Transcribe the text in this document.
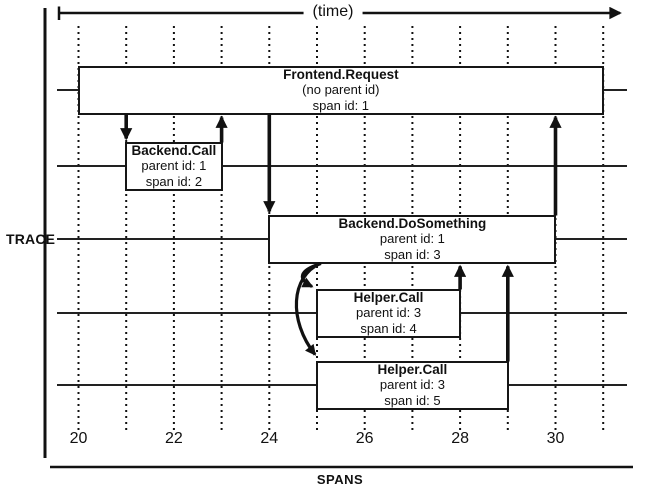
Frontend.Request
(no parent id)
span id: 1
Backend.Call
parent id: 1
span id: 2
Backend.DoSomething
parent id: 1
span id: 3
Helper.Call
parent id: 3
span id: 4
Helper.Call
parent id: 3
span id: 5
(time)
TRACE
SPANS
20	22	24	26	28	30
